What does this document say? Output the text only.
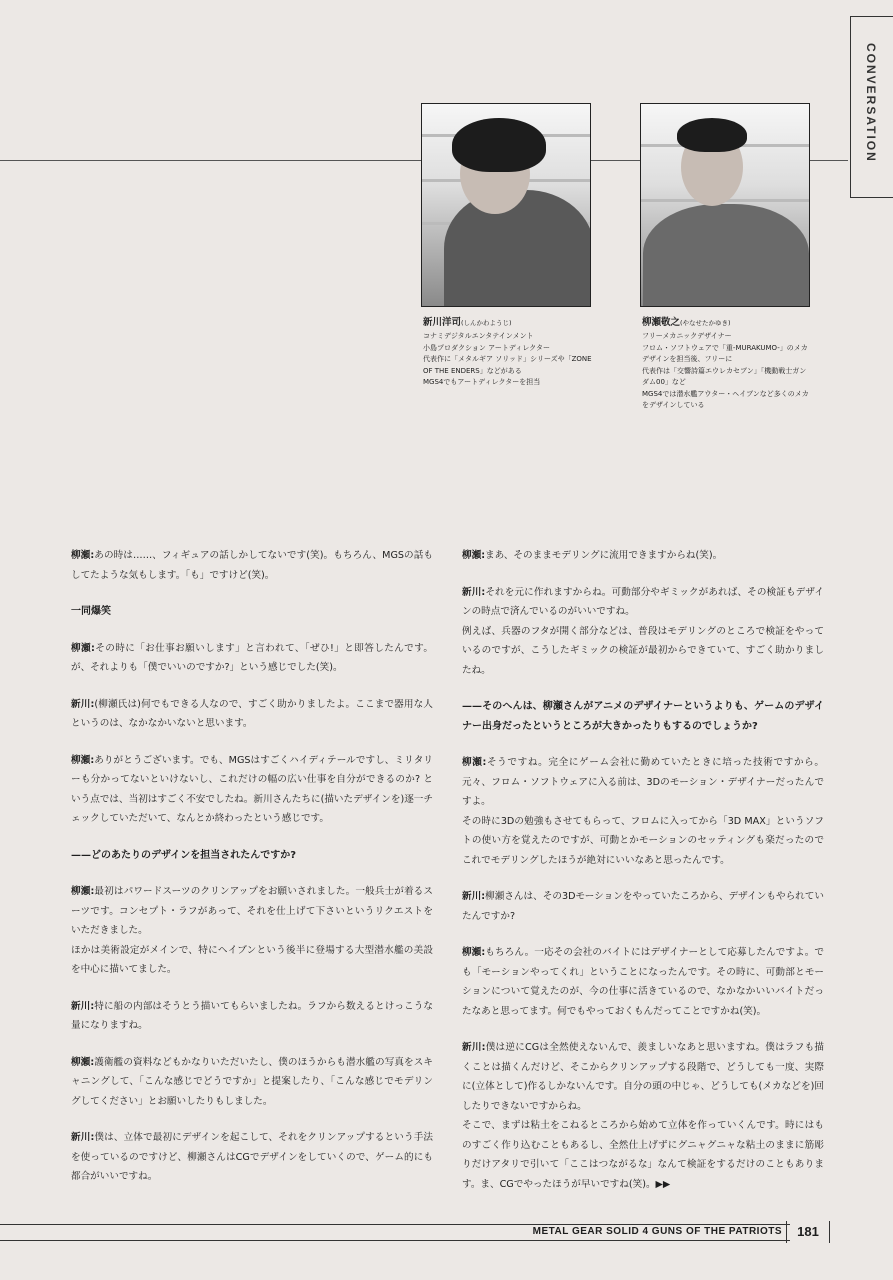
CONVERSATION
新川洋司(しんかわようじ)
コナミデジタルエンタテインメント
小島プロダクション アートディレクター
代表作に「メタルギア ソリッド」シリーズや「ZONE
OF THE ENDERS」などがある
MGS4でもアートディレクターを担当
柳瀬敬之(やなせたかゆき)
フリーメカニックデザイナー
フロム・ソフトウェアで「重-MURAKUMO-」のメカ
デザインを担当後、フリーに
代表作は「交響詩篇エウレカセブン」「機動戦士ガン
ダム00」など
MGS4では潜水艦アウター・ヘイブンなど多くのメカ
をデザインしている

柳瀬:あの時は……、フィギュアの話しかしてないです(笑)。もちろん、MGSの話もしてたような気もします。「も」ですけど(笑)。

一同爆笑

柳瀬:その時に「お仕事お願いします」と言われて、「ぜひ!」と即答したんです。が、それよりも「僕でいいのですか?」という感じでした(笑)。

新川:(柳瀬氏は)何でもできる人なので、すごく助かりましたよ。ここまで器用な人というのは、なかなかいないと思います。

柳瀬:ありがとうございます。でも、MGSはすごくハイディテールですし、ミリタリーも分かってないといけないし、これだけの幅の広い仕事を自分ができるのか? という点では、当初はすごく不安でしたね。新川さんたちに(描いたデザインを)逐一チェックしていただいて、なんとか終わったという感じです。

——どのあたりのデザインを担当されたんですか?

柳瀬:最初はパワードスーツのクリンアップをお願いされました。一般兵士が着るスーツです。コンセプト・ラフがあって、それを仕上げて下さいというリクエストをいただきました。
ほかは美術設定がメインで、特にヘイブンという後半に登場する大型潜水艦の美設を中心に描いてました。

新川:特に船の内部はそうとう描いてもらいましたね。ラフから数えるとけっこうな量になりますね。

柳瀬:護衛艦の資料などもかなりいただいたし、僕のほうからも潜水艦の写真をスキャニングして、「こんな感じでどうですか」と提案したり、「こんな感じでモデリングしてください」とお願いしたりもしました。

新川:僕は、立体で最初にデザインを起こして、それをクリンアップするという手法を使っているのですけど、柳瀬さんはCGでデザインをしていくので、ゲーム的にも都合がいいですね。

柳瀬:まあ、そのままモデリングに流用できますからね(笑)。

新川:それを元に作れますからね。可動部分やギミックがあれば、その検証もデザインの時点で済んでいるのがいいですね。
例えば、兵器のフタが開く部分などは、普段はモデリングのところで検証をやっているのですが、こうしたギミックの検証が最初からできていて、すごく助かりましたね。

——そのへんは、柳瀬さんがアニメのデザイナーというよりも、ゲームのデザイナー出身だったというところが大きかったりもするのでしょうか?

柳瀬:そうですね。完全にゲーム会社に勤めていたときに培った技術ですから。元々、フロム・ソフトウェアに入る前は、3Dのモーション・デザイナーだったんですよ。
その時に3Dの勉強もさせてもらって、フロムに入ってから「3D MAX」というソフトの使い方を覚えたのですが、可動とかモーションのセッティングも楽だったのでこれでモデリングしたほうが絶対にいいなあと思ったんです。

新川:柳瀬さんは、その3Dモーションをやっていたころから、デザインもやられていたんですか?

柳瀬:もちろん。一応その会社のバイトにはデザイナーとして応募したんですよ。でも「モーションやってくれ」ということになったんです。その時に、可動部とモーションについて覚えたのが、今の仕事に活きているので、なかなかいいバイトだったなあと思ってます。何でもやっておくもんだってことですかね(笑)。

新川:僕は逆にCGは全然使えないんで、羨ましいなあと思いますね。僕はラフも描くことは描くんだけど、そこからクリンアップする段階で、どうしても一度、実際に(立体として)作るしかないんです。自分の頭の中じゃ、どうしても(メカなどを)回したりできないですからね。
そこで、まずは粘土をこねるところから始めて立体を作っていくんです。時にはものすごく作り込むこともあるし、全然仕上げずにグニャグニャな粘土のままに筋彫りだけアタリで引いて「ここはつながるな」なんて検証をするだけのこともあります。ま、CGでやったほうが早いですね(笑)。▶▶

METAL GEAR SOLID 4 GUNS OF THE PATRIOTS	181
